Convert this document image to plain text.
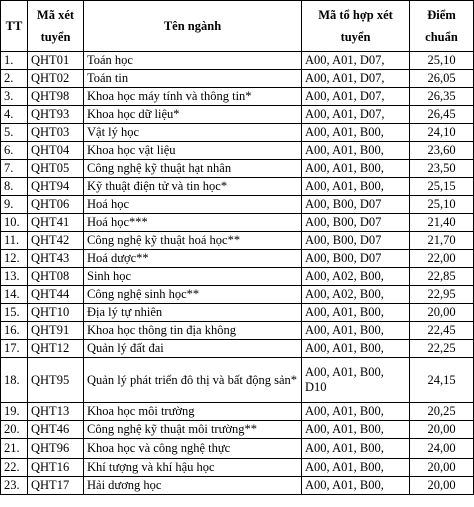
TT	Mã xét tuyển	Tên ngành	Mã tổ hợp xét tuyển	Điểm chuẩn
1.	QHT01	Toán học	A00, A01, D07,	25,10
2.	QHT02	Toán tin	A00, A01, D07,	26,05
3.	QHT98	Khoa học máy tính và thông tin*	A00, A01, D07,	26,35
4.	QHT93	Khoa học dữ liệu*	A00, A01, D07,	26,45
5.	QHT03	Vật lý học	A00, A01, B00,	24,10
6.	QHT04	Khoa học vật liệu	A00, A01, B00,	23,60
7.	QHT05	Công nghệ kỹ thuật hạt nhân	A00, A01, B00,	23,50
8.	QHT94	Kỹ thuật điện tử và tin học*	A00, A01, B00,	25,15
9.	QHT06	Hoá học	A00, B00, D07	25,10
10.	QHT41	Hoá học***	A00, B00, D07	21,40
11.	QHT42	Công nghệ kỹ thuật hoá học**	A00, B00, D07	21,70
12.	QHT43	Hoá dược**	A00, B00, D07	22,00
13.	QHT08	Sinh học	A00, A02, B00,	22,85
14.	QHT44	Công nghệ sinh học**	A00, A02, B00,	22,95
15.	QHT10	Địa lý tự nhiên	A00, A01, B00,	20,00
16.	QHT91	Khoa học thông tin địa không	A00, A01, B00,	22,45
17.	QHT12	Quản lý đất đai	A00, A01, B00,	22,25
18.	QHT95	Quản lý phát triển đô thị và bất động sản*	A00, A01, B00, D10	24,15
19.	QHT13	Khoa học môi trường	A00, A01, B00,	20,25
20.	QHT46	Công nghệ kỹ thuật môi trường**	A00, A01, B00,	20,00
21.	QHT96	Khoa học và công nghệ thực	A00, A01, B00,	24,00
22.	QHT16	Khí tượng và khí hậu học	A00, A01, B00,	20,00
23.	QHT17	Hải dương học	A00, A01, B00,	20,00
